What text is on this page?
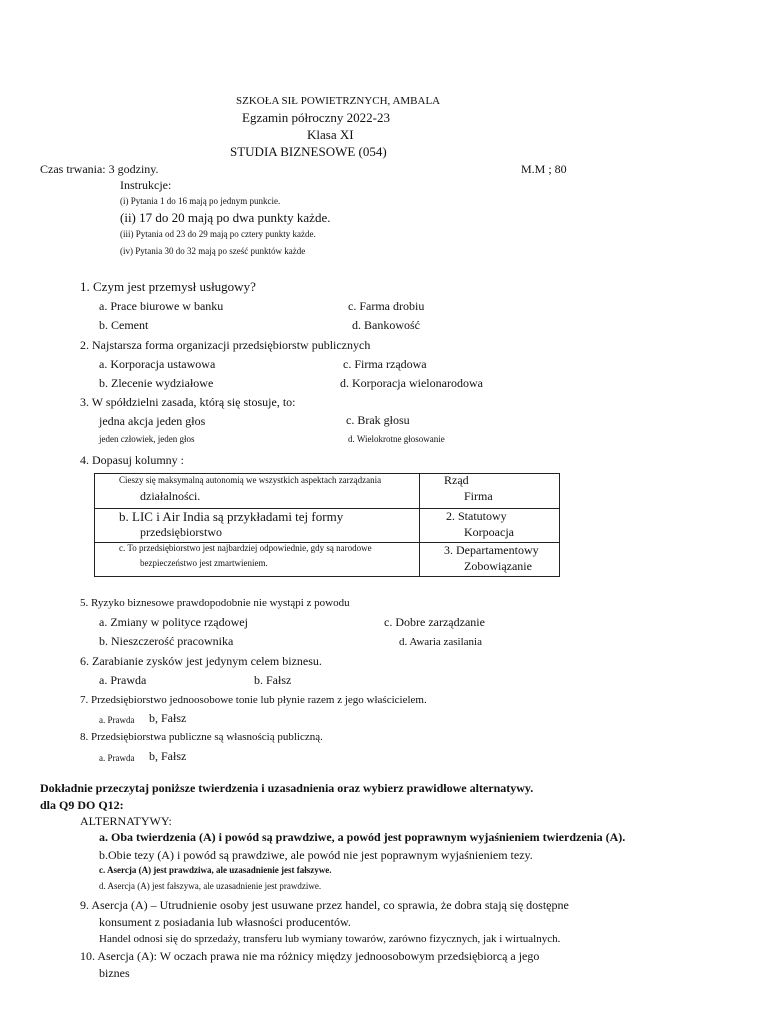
SZKOŁA SIŁ POWIETRZNYCH, AMBALA
Egzamin półroczny 2022-23
Klasa XI
STUDIA BIZNESOWE (054)
Czas trwania: 3 godziny.	M.M ; 80
Instrukcje:
(i) Pytania 1 do 16 mają po jednym punkcie.
(ii) 17 do 20 mają po dwa punkty każde.
(iii) Pytania od 23 do 29 mają po cztery punkty każde.
(iv) Pytania 30 do 32 mają po sześć punktów każde
1. Czym jest przemysł usługowy?
a. Prace biurowe w banku	c. Farma drobiu
b. Cement	d. Bankowość
2. Najstarsza forma organizacji przedsiębiorstw publicznych
a. Korporacja ustawowa	c. Firma rządowa
b. Zlecenie wydziałowe	d. Korporacja wielonarodowa
3. W spółdzielni zasada, którą się stosuje, to:
jedna akcja jeden głos	c. Brak głosu
jeden człowiek, jeden głos	d. Wielokrotne głosowanie
4. Dopasuj kolumny :
Cieszy się maksymalną autonomią we wszystkich aspektach zarządzania
działalności.	Rząd
Firma

b. LIC i Air India są przykładami tej formy
przedsiębiorstwo	2. Statutowy
Korpoacja

c. To przedsiębiorstwo jest najbardziej odpowiednie, gdy są narodowe
bezpieczeństwo jest zmartwieniem.	3. Departamentowy
Zobowiązanie
5. Ryzyko biznesowe prawdopodobnie nie wystąpi z powodu
a. Zmiany w polityce rządowej	c. Dobre zarządzanie
b. Nieszczerość pracownika	d. Awaria zasilania
6. Zarabianie zysków jest jedynym celem biznesu.
a. Prawda	b. Fałsz
7. Przedsiębiorstwo jednoosobowe tonie lub płynie razem z jego właścicielem.
a. Prawda b, Fałsz
8. Przedsiębiorstwa publiczne są własnością publiczną.
a. Prawda b, Fałsz
Dokładnie przeczytaj poniższe twierdzenia i uzasadnienia oraz wybierz prawidłowe alternatywy.
dla Q9 DO Q12:
ALTERNATYWY:
a. Oba twierdzenia (A) i powód są prawdziwe, a powód jest poprawnym wyjaśnieniem twierdzenia (A).
b.Obie tezy (A) i powód są prawdziwe, ale powód nie jest poprawnym wyjaśnieniem tezy.
c. Asercja (A) jest prawdziwa, ale uzasadnienie jest fałszywe.
d. Asercja (A) jest fałszywa, ale uzasadnienie jest prawdziwe.
9. Asercja (A) – Utrudnienie osoby jest usuwane przez handel, co sprawia, że dobra stają się dostępne
konsument z posiadania lub własności producentów.
Handel odnosi się do sprzedaży, transferu lub wymiany towarów, zarówno fizycznych, jak i wirtualnych.
10. Asercja (A): W oczach prawa nie ma różnicy między jednoosobowym przedsiębiorcą a jego
biznes
